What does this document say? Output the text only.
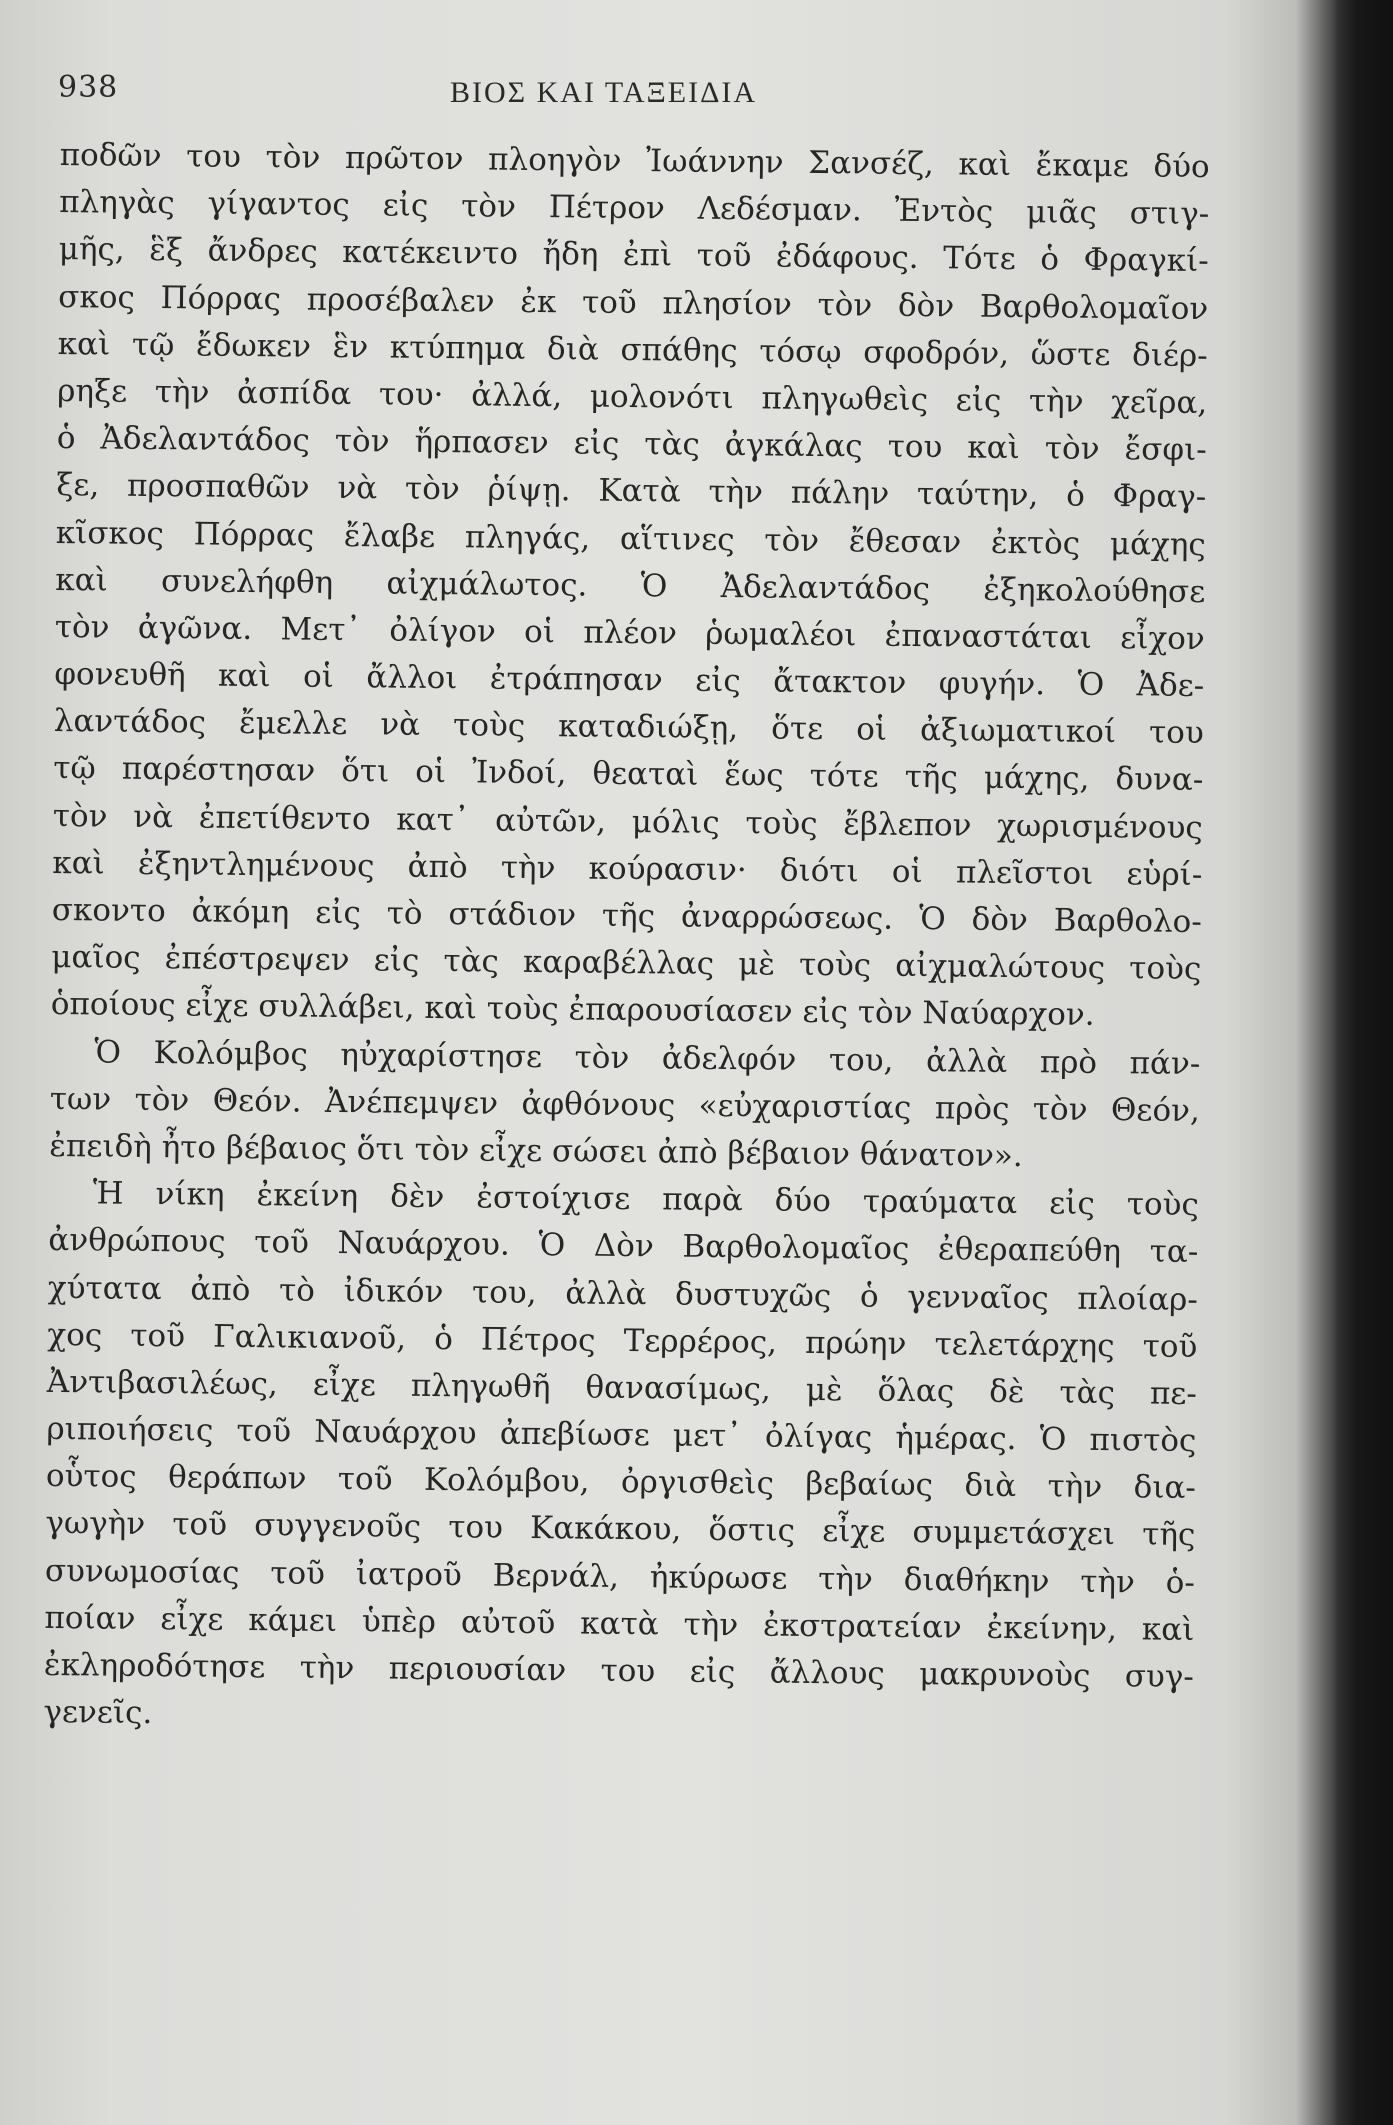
938	ΒΙΟΣ ΚΑΙ ΤΑΞΕΙΔΙΑ
ποδῶν του τὸν πρῶτον πλοηγὸν Ἰωάννην Σανσέζ, καὶ ἔκαμε δύο
πληγὰς γίγαντος εἰς τὸν Πέτρον Λεδέσμαν. Ἐντὸς μιᾶς στιγ-
μῆς, ἓξ ἄνδρες κατέκειντο ἤδη ἐπὶ τοῦ ἐδάφους. Τότε ὁ Φραγκί-
σκος Πόρρας προσέβαλεν ἐκ τοῦ πλησίον τὸν δὸν Βαρθολομαῖον
καὶ τῷ ἔδωκεν ἓν κτύπημα διὰ σπάθης τόσῳ σφοδρόν, ὥστε διέρ-
ρηξε τὴν ἀσπίδα του· ἀλλά, μολονότι πληγωθεὶς εἰς τὴν χεῖρα,
ὁ Ἀδελαντάδος τὸν ἥρπασεν εἰς τὰς ἀγκάλας του καὶ τὸν ἔσφι-
ξε, προσπαθῶν νὰ τὸν ῥίψῃ. Κατὰ τὴν πάλην ταύτην, ὁ Φραγ-
κῖσκος Πόρρας ἔλαβε πληγάς, αἵτινες τὸν ἔθεσαν ἐκτὸς μάχης
καὶ συνελήφθη αἰχμάλωτος. Ὁ Ἀδελαντάδος ἐξηκολούθησε
τὸν ἀγῶνα. Μετ᾽ ὀλίγον οἱ πλέον ῥωμαλέοι ἐπαναστάται εἶχον
φονευθῆ καὶ οἱ ἄλλοι ἐτράπησαν εἰς ἄτακτον φυγήν. Ὁ Ἀδε-
λαντάδος ἔμελλε νὰ τοὺς καταδιώξῃ, ὅτε οἱ ἀξιωματικοί του
τῷ παρέστησαν ὅτι οἱ Ἰνδοί, θεαταὶ ἕως τότε τῆς μάχης, δυνα-
τὸν νὰ ἐπετίθεντο κατ᾽ αὐτῶν, μόλις τοὺς ἔβλεπον χωρισμένους
καὶ ἐξηντλημένους ἀπὸ τὴν κούρασιν· διότι οἱ πλεῖστοι εὑρί-
σκοντο ἀκόμη εἰς τὸ στάδιον τῆς ἀναρρώσεως. Ὁ δὸν Βαρθολο-
μαῖος ἐπέστρεψεν εἰς τὰς καραβέλλας μὲ τοὺς αἰχμαλώτους τοὺς
ὁποίους εἶχε συλλάβει, καὶ τοὺς ἐπαρουσίασεν εἰς τὸν Ναύαρχον.
Ὁ Κολόμβος ηὐχαρίστησε τὸν ἀδελφόν του, ἀλλὰ πρὸ πάν-
των τὸν Θεόν. Ἀνέπεμψεν ἀφθόνους «εὐχαριστίας πρὸς τὸν Θεόν,
ἐπειδὴ ἦτο βέβαιος ὅτι τὸν εἶχε σώσει ἀπὸ βέβαιον θάνατον».
Ἡ νίκη ἐκείνη δὲν ἐστοίχισε παρὰ δύο τραύματα εἰς τοὺς
ἀνθρώπους τοῦ Ναυάρχου. Ὁ Δὸν Βαρθολομαῖος ἐθεραπεύθη τα-
χύτατα ἀπὸ τὸ ἰδικόν του, ἀλλὰ δυστυχῶς ὁ γενναῖος πλοίαρ-
χος τοῦ Γαλικιανοῦ, ὁ Πέτρος Τερρέρος, πρώην τελετάρχης τοῦ
Ἀντιβασιλέως, εἶχε πληγωθῆ θανασίμως, μὲ ὅλας δὲ τὰς πε-
ριποιήσεις τοῦ Ναυάρχου ἀπεβίωσε μετ᾽ ὀλίγας ἡμέρας. Ὁ πιστὸς
οὗτος θεράπων τοῦ Κολόμβου, ὀργισθεὶς βεβαίως διὰ τὴν δια-
γωγὴν τοῦ συγγενοῦς του Κακάκου, ὅστις εἶχε συμμετάσχει τῆς
συνωμοσίας τοῦ ἰατροῦ Βερνάλ, ἠκύρωσε τὴν διαθήκην τὴν ὁ-
ποίαν εἶχε κάμει ὑπὲρ αὐτοῦ κατὰ τὴν ἐκστρατείαν ἐκείνην, καὶ
ἐκληροδότησε τὴν περιουσίαν του εἰς ἄλλους μακρυνοὺς συγ-
γενεῖς.
